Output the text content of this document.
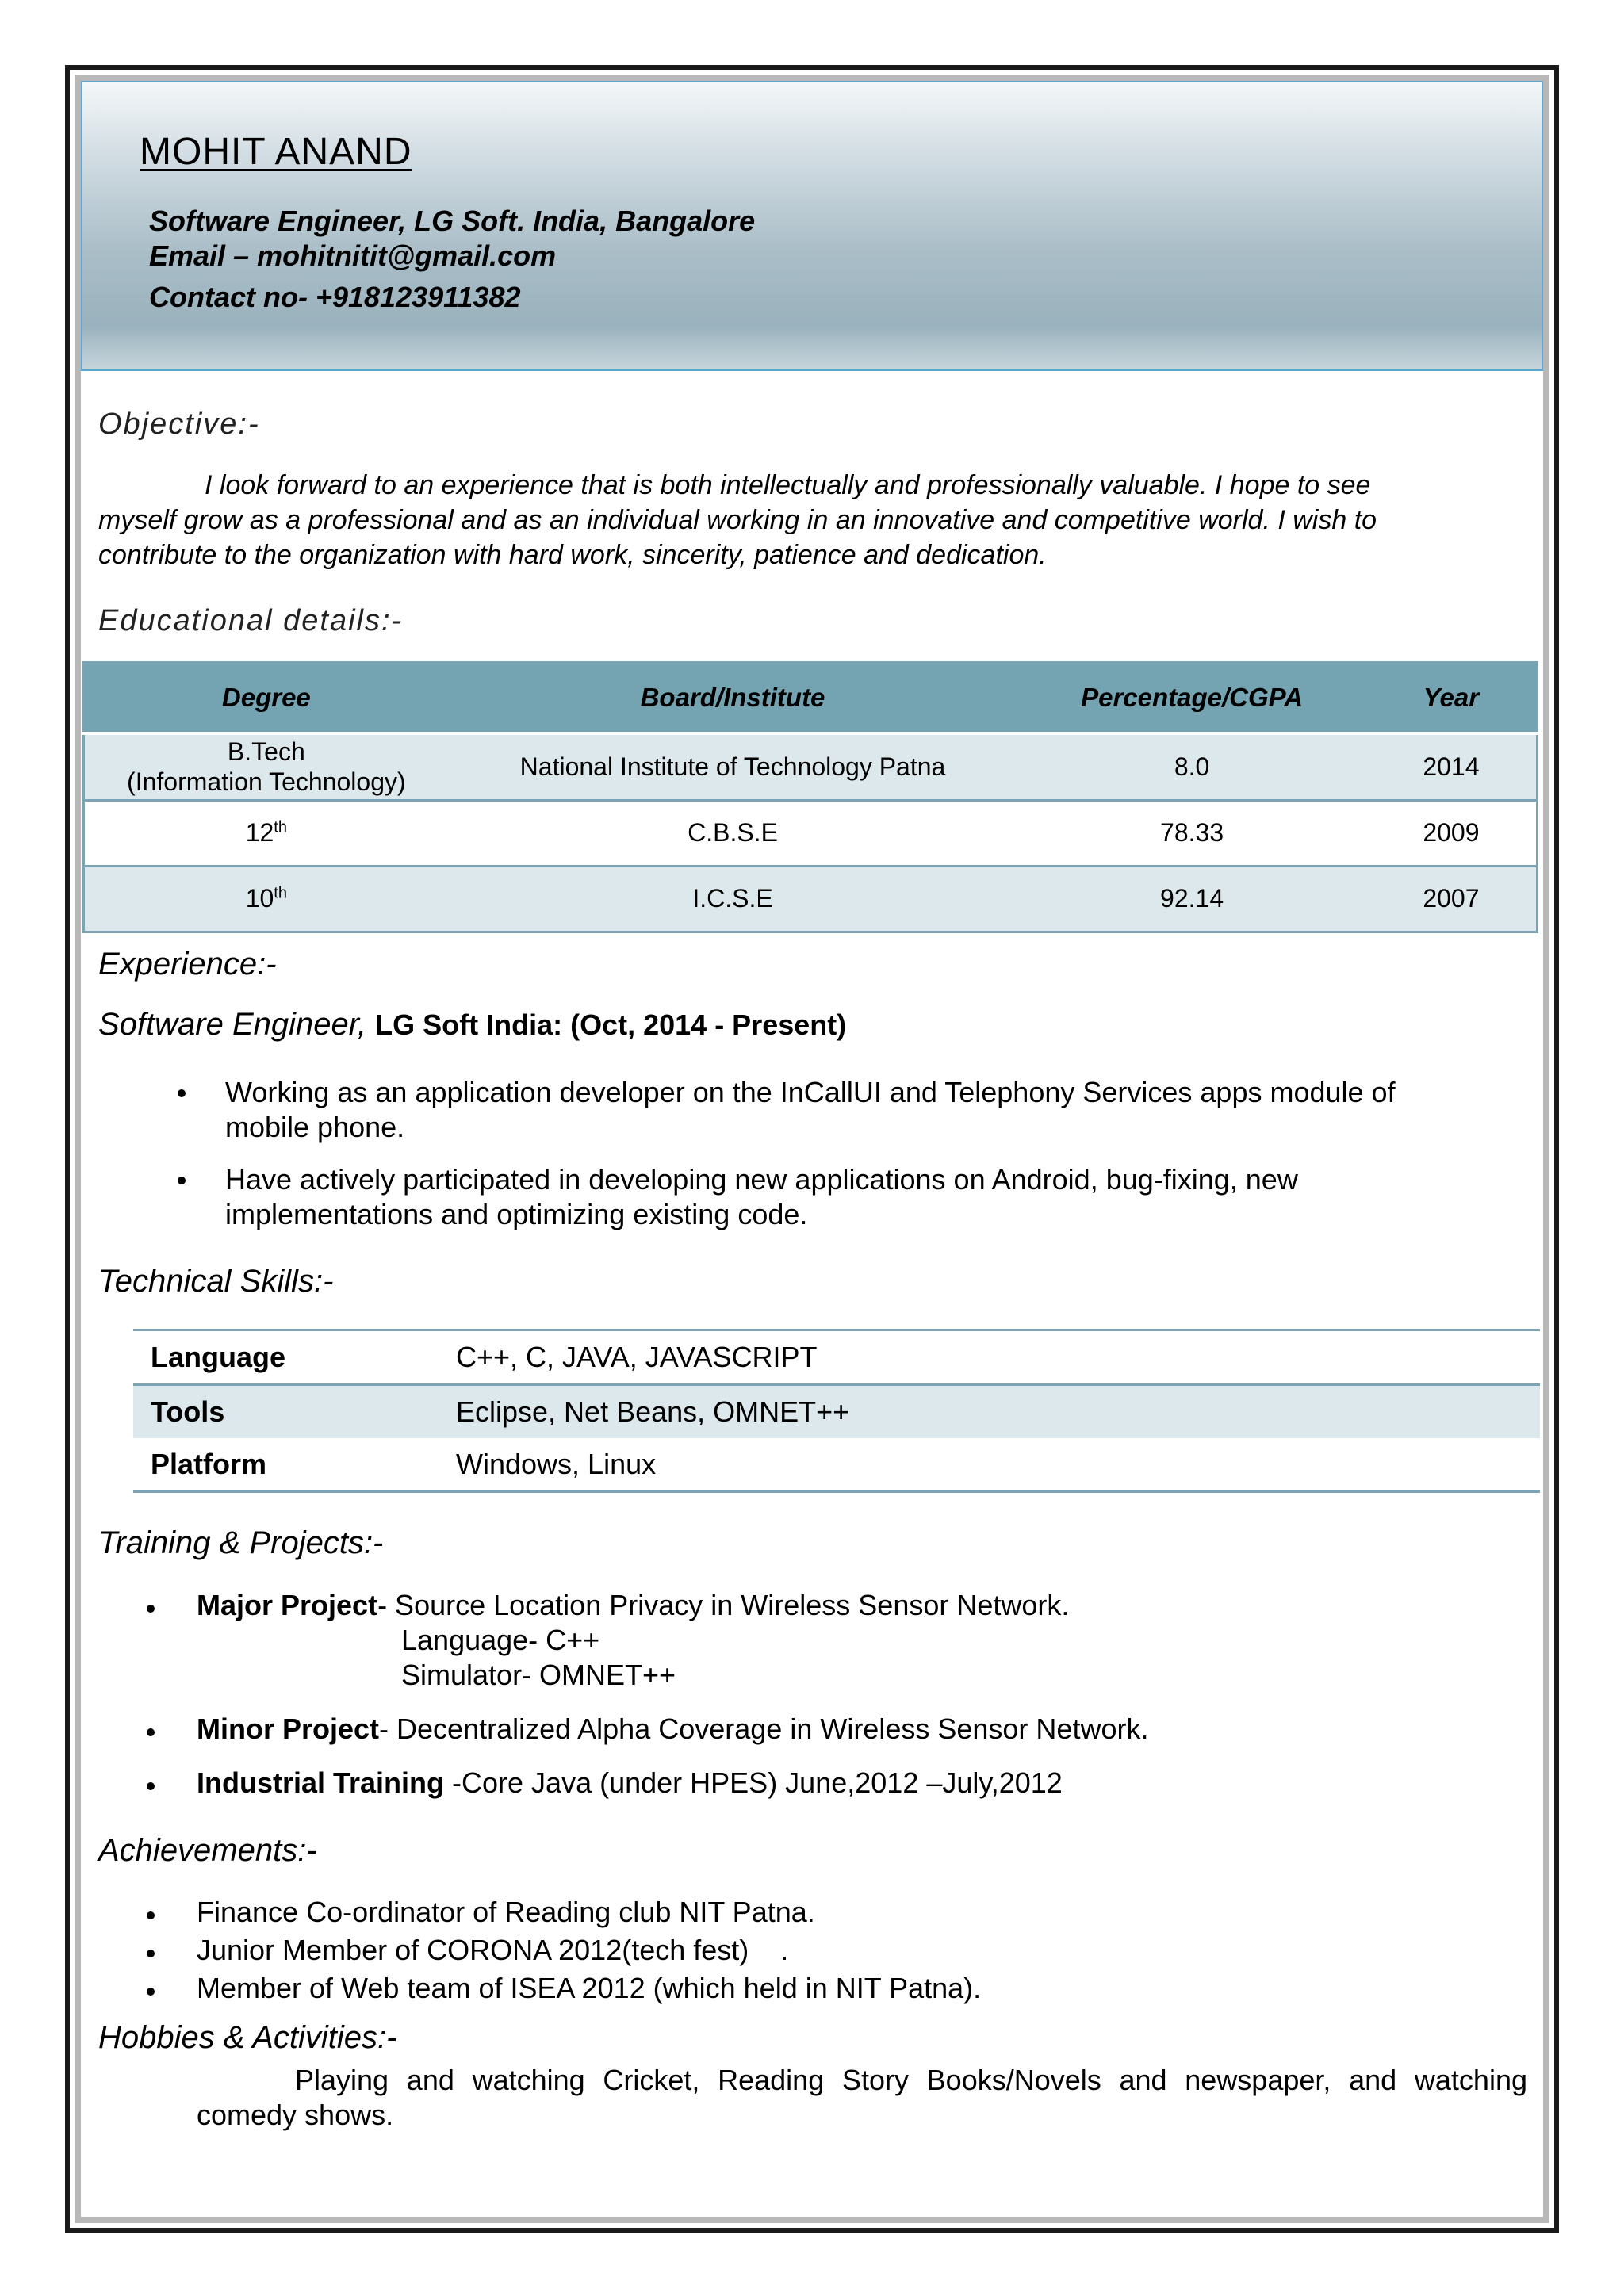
MOHIT ANAND
Software Engineer, LG Soft. India, Bangalore
Email – mohitnitit@gmail.com
Contact no- +918123911382
Objective:-
I look forward to an experience that is both intellectually and professionally valuable. I hope to see
myself grow as a professional and as an individual working in an innovative and competitive world. I wish to
contribute to the organization with hard work, sincerity, patience and dedication.
Educational details:-
Degree	Board/Institute	Percentage/CGPA	Year

B.Tech
(Information Technology)	National Institute of Technology Patna	8.0	2014
12th	C.B.S.E	78.33	2009
10th	I.C.S.E	92.14	2007
Experience:-
Software Engineer, LG Soft India: (Oct, 2014 - Present)
Working as an application developer on the InCallUI and Telephony Services apps module of
mobile phone.
Have actively participated in developing new applications on Android, bug-fixing, new
implementations and optimizing existing code.
Technical Skills:-
Language	C++, C, JAVA, JAVASCRIPT
Tools	Eclipse, Net Beans, OMNET++
Platform	Windows, Linux
Training & Projects:-
Major Project- Source Location Privacy in Wireless Sensor Network.
Language- C++
Simulator- OMNET++
Minor Project- Decentralized Alpha Coverage in Wireless Sensor Network.
Industrial Training -Core Java (under HPES) June,2012 –July,2012
Achievements:-
Finance Co-ordinator of Reading club NIT Patna.
Junior Member of CORONA 2012(tech fest)    .
Member of Web team of ISEA 2012 (which held in NIT Patna).
Hobbies & Activities:-
Playing and watching Cricket, Reading Story Books/Novels and newspaper, and watching
comedy shows.
